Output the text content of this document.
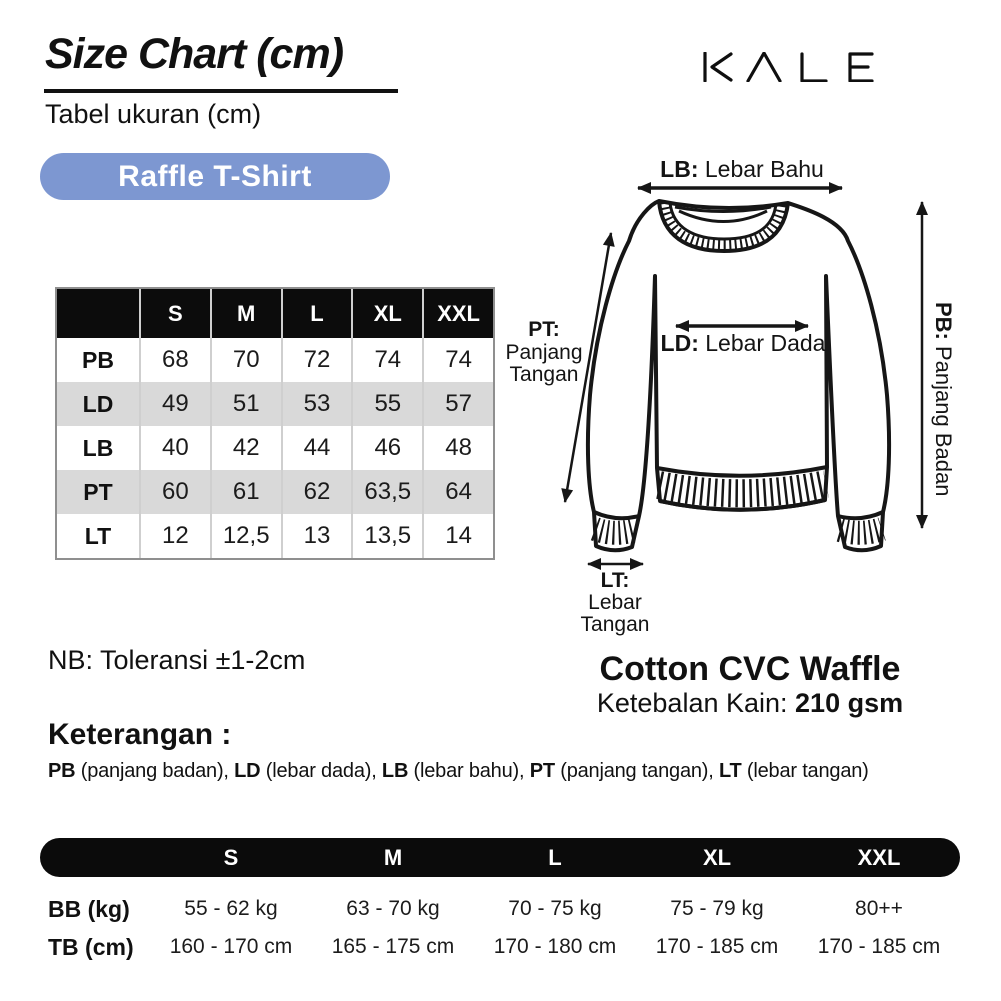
Size Chart (cm)
Tabel ukuran (cm)
Raffle T-Shirt
S	M	L	XL	XXL
PB	68	70	72	74	74
LD	49	51	53	55	57
LB	40	42	44	46	48
PT	60	61	62	63,5	64
LT	12	12,5	13	13,5	14
LB: Lebar Bahu
LD: Lebar Dada
PT: Panjang Tangan
LT: Lebar Tangan
PB: Panjang Badan
Cotton CVC Waffle
Ketebalan Kain: 210 gsm
NB: Toleransi ±1-2cm
Keterangan :
PB (panjang badan), LD (lebar dada), LB (lebar bahu), PT (panjang tangan), LT (lebar tangan)
S	M	L	XL	XXL
BB (kg)	55 - 62 kg	63 - 70 kg	70 - 75 kg	75 - 79 kg	80++
TB (cm)	160 - 170 cm	165 - 175 cm	170 - 180 cm	170 - 185 cm	170 - 185 cm
